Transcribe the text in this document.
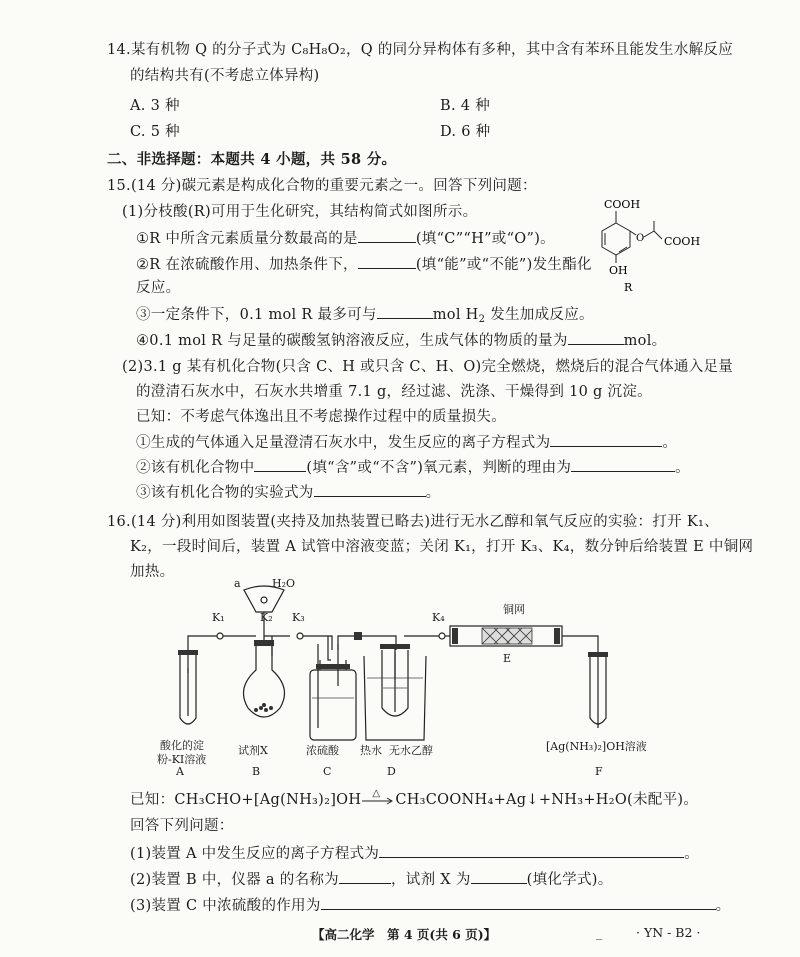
14.某有机物 Q 的分子式为 C₈H₈O₂，Q 的同分异构体有多种，其中含有苯环且能发生水解反应
的结构共有(不考虑立体异构)
A. 3 种	B. 4 种
C. 5 种	D. 6 种
二、非选择题：本题共 4 小题，共 58 分。
15.(14 分)碳元素是构成化合物的重要元素之一。回答下列问题：
(1)分枝酸(R)可用于生化研究，其结构简式如图所示。
①R 中所含元素质量分数最高的是	(填“C”“H”或“O”)。
②R 在浓硫酸作用、加热条件下，	(填“能”或“不能”)发生酯化
反应。
③一定条件下，0.1 mol R 最多可与	mol $H_2$ 发生加成反应。
④0.1 mol R 与足量的碳酸氢钠溶液反应，生成气体的物质的量为	mol。
COOH
O COOH
OH
R
(2)3.1 g 某有机化合物(只含 C、H 或只含 C、H、O)完全燃烧，燃烧后的混合气体通入足量
的澄清石灰水中，石灰水共增重 7.1 g，经过滤、洗涤、干燥得到 10 g 沉淀。
已知：不考虑气体逸出且不考虑操作过程中的质量损失。
①生成的气体通入足量澄清石灰水中，发生反应的离子方程式为	。
②该有机化合物中	(填“含”或“不含”)氧元素，判断的理由为	。
③该有机化合物的实验式为	。
16.(14 分)利用如图装置(夹持及加热装置已略去)进行无水乙醇和氧气反应的实验：打开 K₁、
K₂，一段时间后，装置 A 试管中溶液变蓝；关闭 K₁，打开 K₃、K₄，数分钟后给装置 E 中铜网
加热。
a	H₂O
K₁	K₂ K₃	K₄
铜网
E
酸化的淀
粉-KI溶液
试剂X	浓硫酸 热水 无水乙醇	[Ag(NH₃)₂]OH溶液
A	B	C	D	F
已知：CH₃CHO+[Ag(NH₃)₂]OH △ CH₃COONH₄+Ag↓+NH₃+H₂O(未配平)。
回答下列问题：
(1)装置 A 中发生反应的离子方程式为	。
(2)装置 B 中，仪器 a 的名称为	，试剂 X 为	(填化学式)。
(3)装置 C 中浓硫酸的作用为	。
【高二化学　第 4 页(共 6 页)】	_	· YN - B2 ·
